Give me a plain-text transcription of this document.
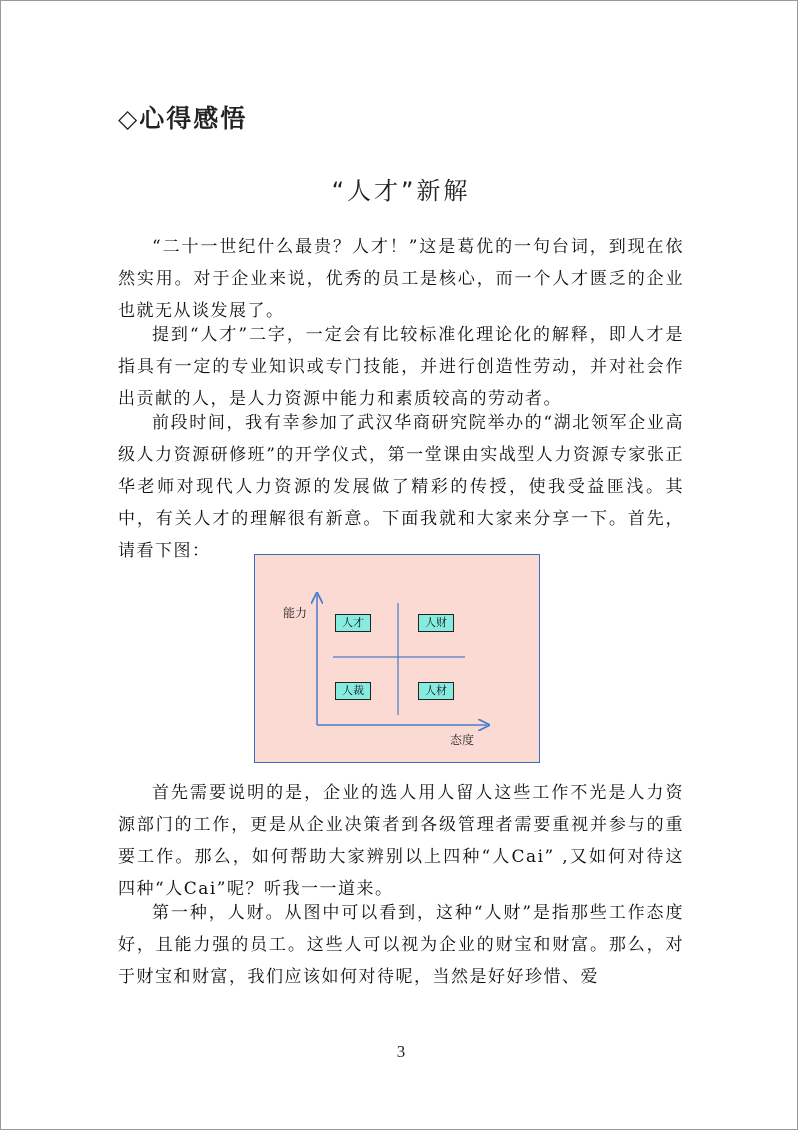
◇心得感悟
“人才”新解

“二十一世纪什么最贵？人才！”这是葛优的一句台词，到现在依然实用。对于企业来说，优秀的员工是核心，而一个人才匮乏的企业也就无从谈发展了。

提到“人才”二字，一定会有比较标准化理论化的解释，即人才是指具有一定的专业知识或专门技能，并进行创造性劳动，并对社会作出贡献的人，是人力资源中能力和素质较高的劳动者。

前段时间，我有幸参加了武汉华商研究院举办的“湖北领军企业高级人力资源研修班”的开学仪式，第一堂课由实战型人力资源专家张正华老师对现代人力资源的发展做了精彩的传授，使我受益匪浅。其中，有关人才的理解很有新意。下面我就和大家来分享一下。首先，请看下图：

能力
态度
人才	人财
人裁	人材

首先需要说明的是，企业的选人用人留人这些工作不光是人力资源部门的工作，更是从企业决策者到各级管理者需要重视并参与的重要工作。那么，如何帮助大家辨别以上四种“人Cai” ,又如何对待这四种“人Cai”呢？听我一一道来。

第一种，人财。从图中可以看到，这种“人财”是指那些工作态度好，且能力强的员工。这些人可以视为企业的财宝和财富。那么，对于财宝和财富，我们应该如何对待呢，当然是好好珍惜、爱

3
